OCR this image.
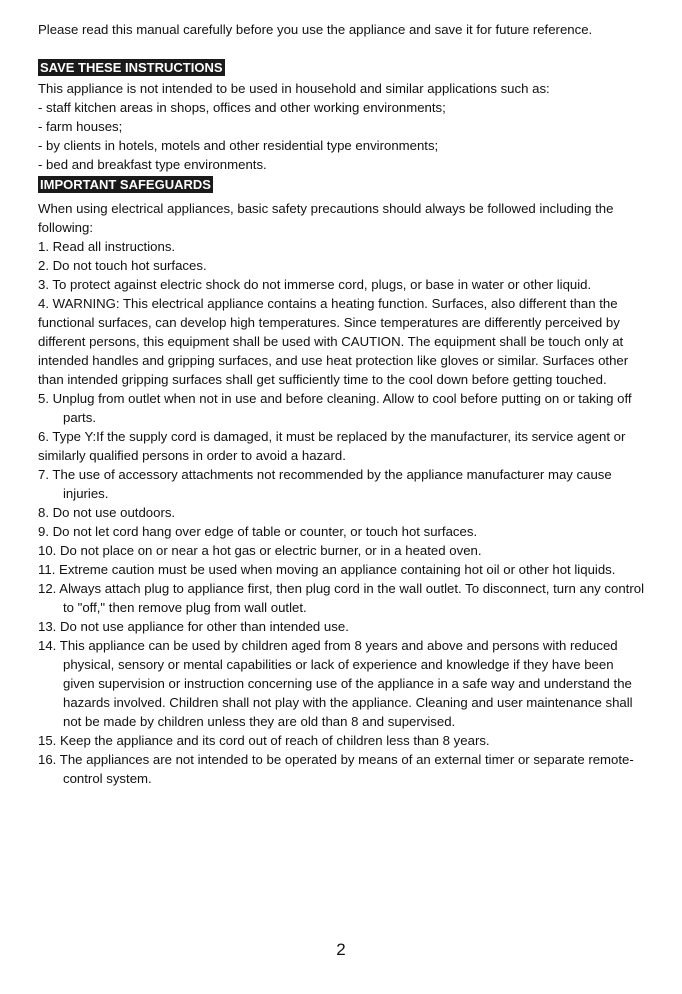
Please read this manual carefully before you use the appliance and save it for future reference.

SAVE THESE INSTRUCTIONS

This appliance is not intended to be used in household and similar applications such as:

- staff kitchen areas in shops, offices and other working environments;

- farm houses;

- by clients in hotels, motels and other residential type environments;

- bed and breakfast type environments.

IMPORTANT SAFEGUARDS

When using electrical appliances, basic safety precautions should always be followed including the following:

1. Read all instructions.

2. Do not touch hot surfaces.

3. To protect against electric shock do not immerse cord, plugs, or base in water or other liquid.

4. WARNING: This electrical appliance contains a heating function. Surfaces, also different than the functional surfaces, can develop high temperatures. Since temperatures are differently perceived by different persons, this equipment shall be used with CAUTION. The equipment shall be touch only at intended handles and gripping surfaces, and use heat protection like gloves or similar. Surfaces other than intended gripping surfaces shall get sufficiently time to the cool down before getting touched.

5. Unplug from outlet when not in use and before cleaning. Allow to cool before putting on or taking off parts.

6. Type Y:If the supply cord is damaged, it must be replaced by the manufacturer, its service agent or similarly qualified persons in order to avoid a hazard.

7. The use of accessory attachments not recommended by the appliance manufacturer may cause injuries.

8. Do not use outdoors.

9. Do not let cord hang over edge of table or counter, or touch hot surfaces.

10. Do not place on or near a hot gas or electric burner, or in a heated oven.

11. Extreme caution must be used when moving an appliance containing hot oil or other hot liquids.

12. Always attach plug to appliance first, then plug cord in the wall outlet. To disconnect, turn any control to "off," then remove plug from wall outlet.

13. Do not use appliance for other than intended use.

14. This appliance can be used by children aged from 8 years and above and persons with reduced physical, sensory or mental capabilities or lack of experience and knowledge if they have been given supervision or instruction concerning use of the appliance in a safe way and understand the hazards involved. Children shall not play with the appliance. Cleaning and user maintenance shall not be made by children unless they are old than 8 and supervised.

15. Keep the appliance and its cord out of reach of children less than 8 years.

16. The appliances are not intended to be operated by means of an external timer or separate remote-control system.

2
